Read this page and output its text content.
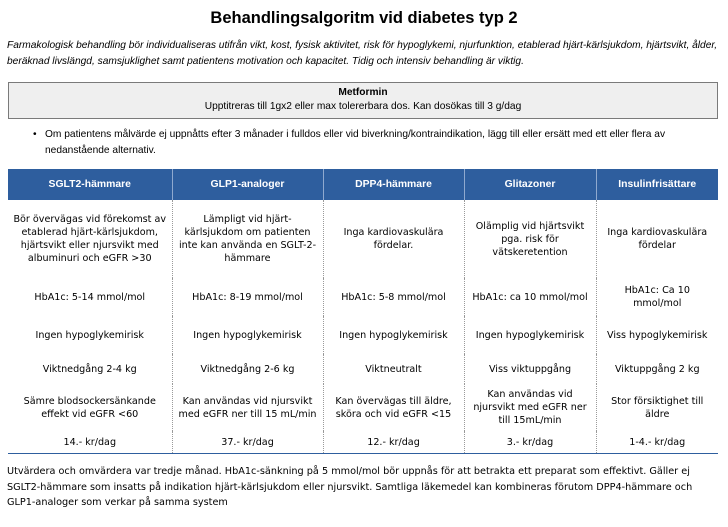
Behandlingsalgoritm vid diabetes typ 2
Farmakologisk behandling bör individualiseras utifrån vikt, kost, fysisk aktivitet, risk för hypoglykemi, njurfunktion, etablerad hjärt-kärlsjukdom, hjärtsvikt, ålder, beräknad livslängd, samsjuklighet samt patientens motivation och kapacitet. Tidig och intensiv behandling är viktig.
Metformin
Upptitreras till 1gx2 eller max tolererbara dos. Kan dosökas till 3 g/dag
• Om patientens målvärde ej uppnåtts efter 3 månader i fulldos eller vid biverkning/kontraindikation, lägg till eller ersätt med ett eller flera av nedanstående alternativ.
SGLT2-hämmare	GLP1-analoger	DPP4-hämmare	Glitazoner	Insulinfrisättare
Bör övervägas vid förekomst av etablerad hjärt-kärlsjukdom, hjärtsvikt eller njursvikt med albuminuri och eGFR >30	Lämpligt vid hjärt-kärlsjukdom om patienten inte kan använda en SGLT-2-hämmare	Inga kardiovaskulära fördelar.	Olämplig vid hjärtsvikt pga. risk för vätskeretention	Inga kardiovaskulära fördelar
HbA1c: 5-14 mmol/mol	HbA1c: 8-19 mmol/mol	HbA1c: 5-8 mmol/mol	HbA1c: ca 10 mmol/mol	HbA1c: Ca 10 mmol/mol
Ingen hypoglykemirisk	Ingen hypoglykemirisk	Ingen hypoglykemirisk	Ingen hypoglykemirisk	Viss hypoglykemirisk
Viktnedgång 2-4 kg	Viktnedgång 2-6 kg	Viktneutralt	Viss viktuppgång	Viktuppgång 2 kg
Sämre blodsockersänkande effekt vid eGFR <60	Kan användas vid njursvikt med eGFR ner till 15 mL/min	Kan övervägas till äldre, sköra och vid eGFR <15	Kan användas vid njursvikt med eGFR ner till 15mL/min	Stor försiktighet till äldre
14.- kr/dag	37.- kr/dag	12.- kr/dag	3.- kr/dag	1-4.- kr/dag
Utvärdera och omvärdera var tredje månad. HbA1c-sänkning på 5 mmol/mol bör uppnås för att betrakta ett preparat som effektivt. Gäller ej SGLT2-hämmare som insatts på indikation hjärt-kärlsjukdom eller njursvikt. Samtliga läkemedel kan kombineras förutom DPP4-hämmare och GLP1-analoger som verkar på samma system
